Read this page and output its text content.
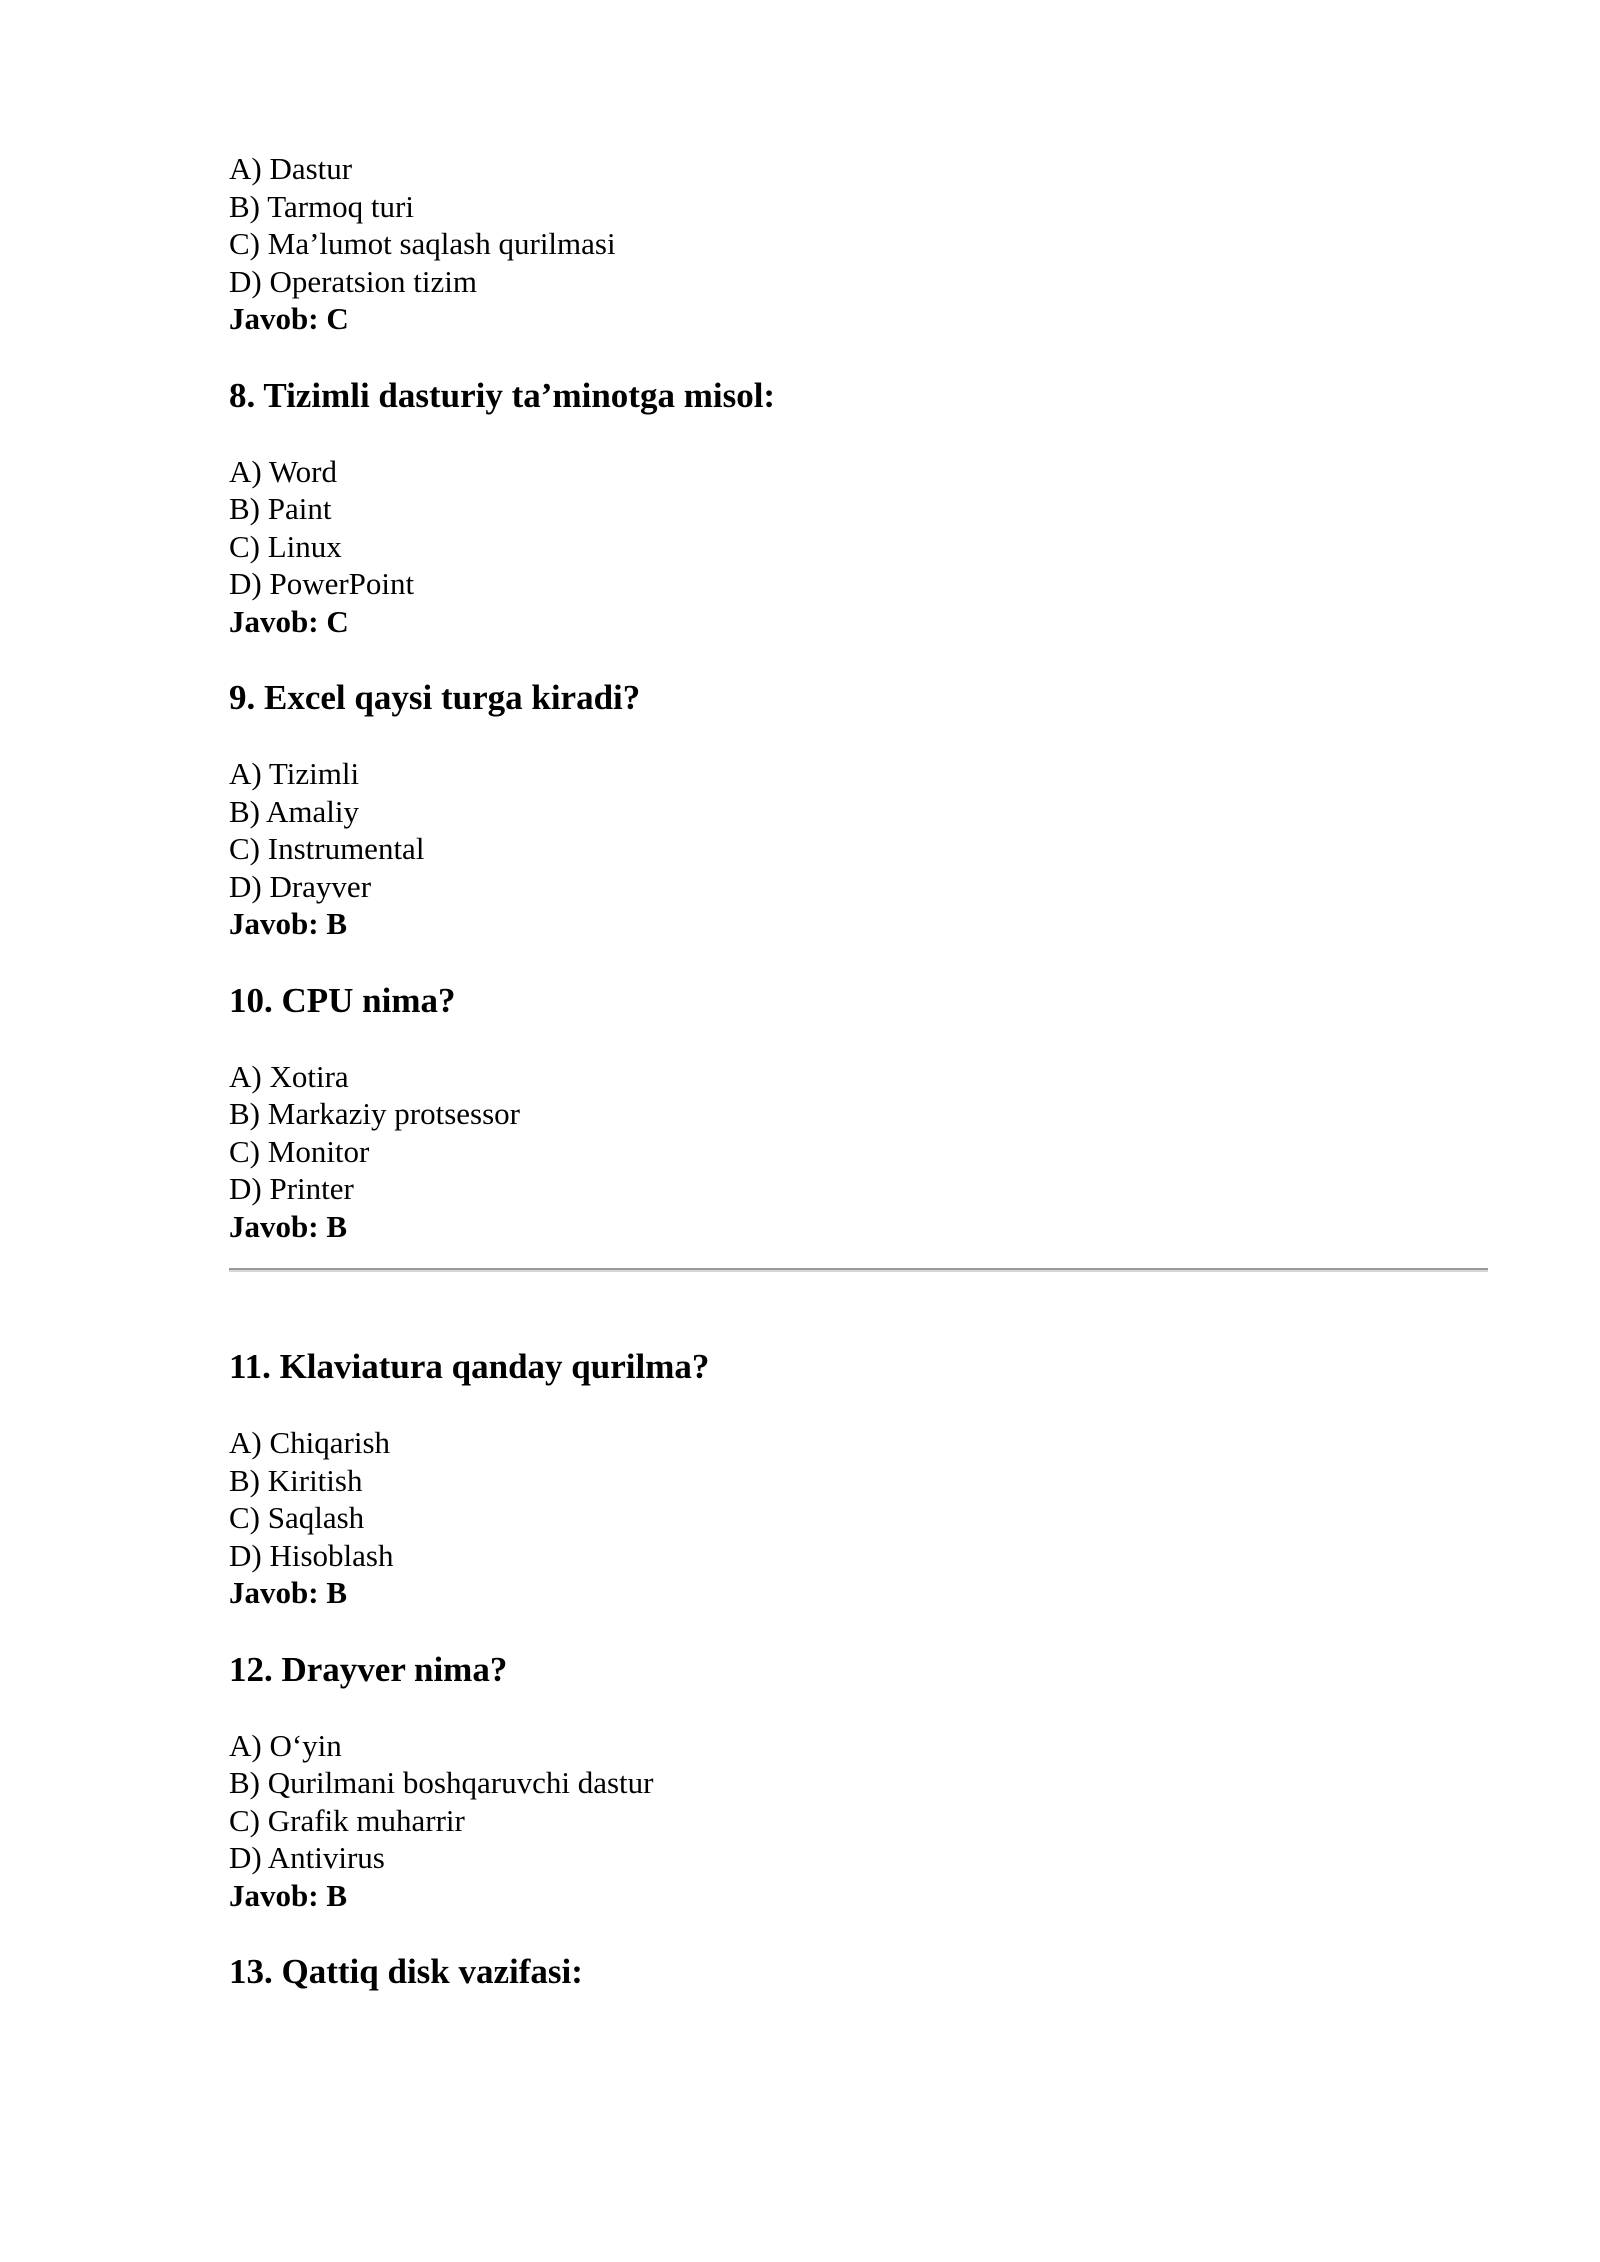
A) Dastur
B) Tarmoq turi
C) Ma’lumot saqlash qurilmasi
D) Operatsion tizim
Javob: C
8. Tizimli dasturiy ta’minotga misol:
A) Word
B) Paint
C) Linux
D) PowerPoint
Javob: C
9. Excel qaysi turga kiradi?
A) Tizimli
B) Amaliy
C) Instrumental
D) Drayver
Javob: B
10. CPU nima?
A) Xotira
B) Markaziy protsessor
C) Monitor
D) Printer
Javob: B
11. Klaviatura qanday qurilma?
A) Chiqarish
B) Kiritish
C) Saqlash
D) Hisoblash
Javob: B
12. Drayver nima?
A) O‘yin
B) Qurilmani boshqaruvchi dastur
C) Grafik muharrir
D) Antivirus
Javob: B
13. Qattiq disk vazifasi:
